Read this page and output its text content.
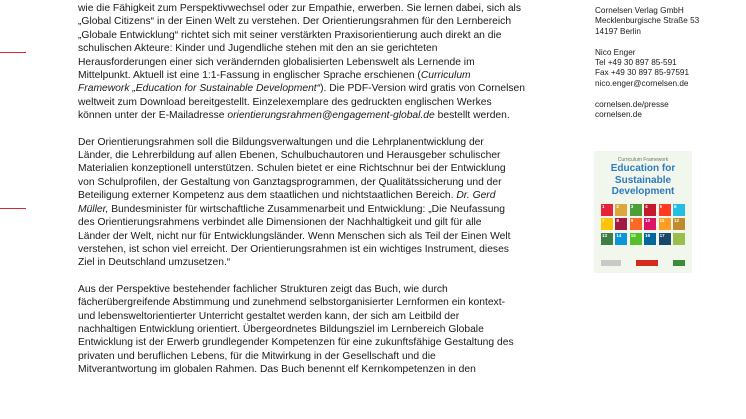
wie die Fähigkeit zum Perspektivwechsel oder zur Empathie, erwerben. Sie lernen dabei, sich als
„Global Citizens“ in der Einen Welt zu verstehen. Der Orientierungsrahmen für den Lernbereich
„Globale Entwicklung“ richtet sich mit seiner verstärkten Praxisorientierung auch direkt an die
schulischen Akteure: Kinder und Jugendliche stehen mit den an sie gerichteten
Herausforderungen einer sich verändernden globalisierten Lebenswelt als Lernende im
Mittelpunkt. Aktuell ist eine 1:1-Fassung in englischer Sprache erschienen (Curriculum
Framework „Education for Sustainable Development“). Die PDF-Version wird gratis von Cornelsen
weltweit zum Download bereitgestellt. Einzelexemplare des gedruckten englischen Werkes
können unter der E-Mailadresse orientierungsrahmen@engagement-global.de bestellt werden.

Der Orientierungsrahmen soll die Bildungsverwaltungen und die Lehrplanentwicklung der
Länder, die Lehrerbildung auf allen Ebenen, Schulbuchautoren und Herausgeber schulischer
Materialien konzeptionell unterstützen. Schulen bietet er eine Richtschnur bei der Entwicklung
von Schulprofilen, der Gestaltung von Ganztagsprogrammen, der Qualitätssicherung und der
Beteiligung externer Kompetenz aus dem staatlichen und nichtstaatlichen Bereich. Dr. Gerd
Müller, Bundesminister für wirtschaftliche Zusammenarbeit und Entwicklung: „Die Neufassung
des Orientierungsrahmens verbindet alle Dimensionen der Nachhaltigkeit und gilt für alle
Länder der Welt, nicht nur für Entwicklungsländer. Wenn Menschen sich als Teil der Einen Welt
verstehen, ist schon viel erreicht. Der Orientierungsrahmen ist ein wichtiges Instrument, dieses
Ziel in Deutschland umzusetzen.“

Aus der Perspektive bestehender fachlicher Strukturen zeigt das Buch, wie durch
fächerübergreifende Abstimmung und zunehmend selbstorganisierter Lernformen ein kontext-
und lebensweltorientierter Unterricht gestaltet werden kann, der sich am Leitbild der
nachhaltigen Entwicklung orientiert. Übergeordnetes Bildungsziel im Lernbereich Globale
Entwicklung ist der Erwerb grundlegender Kompetenzen für eine zukunftsfähige Gestaltung des
privaten und beruflichen Lebens, für die Mitwirkung in der Gesellschaft und die
Mitverantwortung im globalen Rahmen. Das Buch benennt elf Kernkompetenzen in den

Cornelsen Verlag GmbH
Mecklenburgische Straße 53
14197 Berlin
Nico Enger
Tel +49 30 897 85-591
Fax +49 30 897 85-97591
nico.enger@cornelsen.de
cornelsen.de/presse
cornelsen.de
Curriculum Framework
Education for
Sustainable
Development
1	2	3	4	5	6
7	8	9	10 11 12
13 14 15 16 17
